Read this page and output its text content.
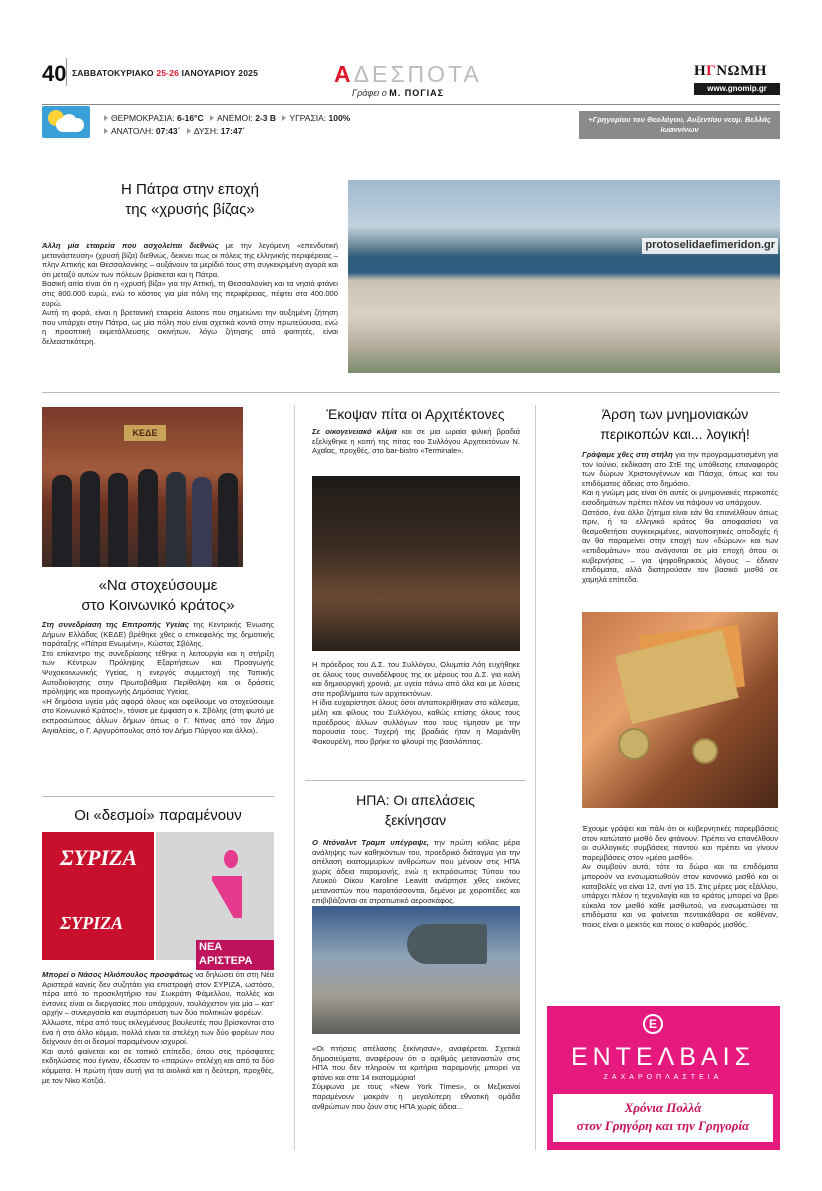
40 ΣΑΒΒΑΤΟΚΥΡΙΑΚΟ 25-26 ΙΑΝΟΥΑΡΙΟΥ 2025	ΑΔΕΣΠΟΤΑ
Γράφει ο Μ. ΠΟΓΙΑΣ
ΗΓΝΩΜΗ
www.gnomip.gr
ΘΕΡΜΟΚΡΑΣΙΑ: 6-16°C ΑΝΕΜΟΙ: 2-3 B ΥΓΡΑΣΙΑ: 100%
ΑΝΑΤΟΛΗ: 07:43΄ ΔΥΣΗ: 17:47΄
+Γρηγορίου του Θεολόγου, Αυξεντίου νεομ. Βελλάς Ιωαννίνων
Η Πάτρα στην εποχή
της «χρυσής βίζας»

Άλλη μία εταιρεία που ασχολείται διεθνώς με την λεγόμενη «επενδυτική μετανάστευση» (χρυσή βίζα) διεθνώς, δεικνει πως οι πόλεις της ελληνικής περιφέρειας – πλην Αττικής και Θεσσαλονίκης – αυξάνουν τα μερίδιό τους στη συγκεκριμένη αγορά και ότι μεταξύ αυτών των πόλεων βρίσκεται και η Πάτρα.

Βασική αιτία είναι ότι η «χρυσή βίζα» για την Αττική, τη Θεσσαλονίκη και τα νησιά φτάνει στις 800.000 ευρώ, ενώ το κόστος για μία πόλη της περιφέρειας, πέφτει στα 400.000 ευρώ.

Αυτή τη φορά, είναι η βρετανική εταιρεία Astons που σημειώνει την αυξημένη ζήτηση που υπάρχει στην Πάτρα, ως μία πόλη που είναι σχετικά κοντά στην πρωτεύουσα, ενώ η προοπτική εκμετάλλευσης ακινήτων, λόγω ζήτησης από φοιτητές, είναι δελεαστικότερη.

protoselidaefimeridon.gr
ΚΕΔΕ
«Να στοχεύσουμε
στο Κοινωνικό κράτος»

Στη συνεδρίαση της Επιτροπής Υγείας της Κεντρικής Ένωσης Δήμων Ελλάδας (ΚΕΔΕ) βρέθηκε χθες ο επικεφαλής της δημοτικής παράταξης «Πάτρα Ενωμένη», Κώστας Σβόλης.

Στο επίκεντρο της συνεδρίασης τέθηκε η λειτουργία και η στήριξη των Κέντρων Πρόληψης Εξαρτήσεων και Προαγωγής Ψυχοκοινωνικής Υγείας, η ενεργός συμμετοχή της Τοπικής Αυτοδιοίκησης στην Πρωτοβάθμια Περίθαλψη και οι δράσεις πρόληψης και προαγωγής Δημόσιας Υγείας.

«Η δημόσια υγεία μάς αφορά όλους και οφείλουμε να στοχεύσουμε στο Κοινωνικό Κράτος!», τόνισε με έμφαση ο κ. Σβόλης (στη φωτό με εκπροσώπους άλλων δήμων όπως ο Γ. Ντίνος από τον Δήμο Αιγιαλείας, ο Γ. Αργυρόπουλος από τον Δήμο Πύργου και άλλοι).

Οι «δεσμοί» παραμένουν
ΣΥΡΙΖΑ
ΣΥΡΙΖΑ
ΝΕΑ ΑΡΙΣΤΕΡΑ

Μπορεί ο Νάσος Ηλιόπουλος προσφάτως να δηλώσει ότι στη Νέα Αριστερά κανείς δεν συζητάει για επιστροφή στον ΣΥΡΙΖΑ, ωστόσο, πέρα από το προσκλητήριο του Σωκράτη Φάμελλου, πολλές και έντονες είναι οι διεργασίες που υπάρχουν, τουλάχιστον για μία – κατ' αρχήν – συνεργασία και συμπόρευση των δύο πολιτικών φορέων.

Άλλωστε, πέρα από τους εκλεγμένους βουλευτές που βρίσκονται στο ένα ή στο άλλο κόμμα, πολλά είναι τα στελέχη των δύο φορέων που δείχνουν ότι οι δεσμοί παραμένουν ισχυροί.

Και αυτό φαίνεται και σε τοπικό επίπεδο, όπου στις πρόσφατες εκδηλώσεις που έγιναν, έδωσαν το «παρών» στελέχη και από τα δύο κόμματα. Η πρώτη ήταν αυτή για τα αιολικά και η δεύτερη, προχθές, με τον Νίκο Κοτζιά.

Έκοψαν πίτα οι Αρχιτέκτονες

Σε οικογενειακό κλίμα και σε μια ωραία φιλική βραδιά εξελίχθηκε η κοπή της πίτας του Συλλόγου Αρχιτεκτόνων Ν. Αχαΐας, προχθές, στο bar-bistro «Terminale».

Η πρόεδρος του Δ.Σ. του Συλλόγου, Ολυμπία Λόη ευχήθηκε σε όλους τους συναδέλφους της εκ μέρους του Δ.Σ. για καλή και δημιουργική χρονιά, με υγεία πάνω από όλα και με λύσεις στα προβλήματα των αρχιτεκτόνων.

Η ίδια ευχαρίστησε όλους όσοι ανταποκρίθηκαν στο κάλεσμα, μέλη και φίλους του Συλλόγου, καθώς επίσης όλους τους προέδρους άλλων συλλόγων που τους τίμησαν με την παρουσία τους. Τυχερή της βραδιάς ήταν η Μαριάνθη Φακουρέλη, που βρήκε το φλουρί της βασιλόπιτας.

ΗΠΑ: Οι απελάσεις
ξεκίνησαν

Ο Ντόναλντ Τραμπ υπέγραψε, την πρώτη κιόλας μέρα ανάληψης των καθηκόντων του, προεδρικό διάταγμα για την απέλαση εκατομμυρίων ανθρώπων που μένουν στις ΗΠΑ χωρίς άδεια παραμονής, ενώ η εκπρόσωπος Τύπου του Λευκού Οίκου Karoline Leavitt ανάρτησε χθες εικόνες μεταναστών που παρατάσσονται, δεμένοι με χειροπέδες και επιβιβάζονται σε στρατιωτικό αεροσκάφος.

«Οι πτήσεις απέλασης ξεκίνησαν», αναφέρεται. Σχετικά δημοσιεύματα, αναφέρουν ότι ο αριθμός μεταναστών στις ΗΠΑ που δεν πληρούν τα κριτήρια παραμονής μπορεί να φτάνει και στα 14 εκατομμύρια!

Σύμφωνα με τους «New York Times», οι Μεξικανοί παραμένουν μακράν η μεγαλύτερη εθνοτική ομάδα ανθρώπων που ζουν στις ΗΠΑ χωρίς άδεια...

Άρση των μνημονιακών
περικοπών και... λογική!

Γράψαμε χθες στη στήλη για την προγραμματισμένη για τον Ιούνιο, εκδίκαση στο ΣτΕ της υπόθεσης επαναφοράς των δώρων Χριστουγέννων και Πάσχα, όπως και του επιδόματος άδειας στο δημόσιο.

Και η γνώμη μας είναι ότι αυτές οι μνημονιακές περικοπές εισοδημάτων πρέπει πλέον να πάψουν να υπάρχουν.

Ωστόσο, ένα άλλο ζήτημα είναι εάν θα επανέλθουν όπως πριν, ή το ελληνικό κράτος θα αποφασίσει να θεσμοθετήσει συγκεκριμένες, ικανοποιητικές αποδοχές ή αν θα παραμείνει στην εποχή των «δώρων» και των «επιδομάτων» που ανάγονται σε μία εποχή όπου οι κυβερνήσεις – για ψηφοθηρικούς λόγους – έδιναν επιδόματα, αλλά διατηρούσαν τον βασικό μισθό σε χαμηλά επίπεδα.

Έχουμε γράψει και πάλι ότι οι κυβερνητικές παρεμβάσεις στον κατώτατο μισθό δεν φτάνουν. Πρέπει να επανέλθουν οι συλλογικές συμβάσεις παντού και πρέπει να γίνουν παρεμβάσεις στον «μέσο μισθό».

Αν συμβούν αυτά, τότε τα δώρα και τα επιδόματα μπορούν να ενσωματωθούν στον κανονικό μισθό και οι καταβολές να είναι 12, αντί για 15. Στις μέρες μας εξάλλου, υπάρχει πλέον η τεχνολογία και το κράτος μπορεί να βρει εύκολα τον μισθό κάθε μισθωτού, να ενσωματώσει τα επιδόματα και να φαίνεται πεντακάθαρα σε καθέναν, ποιος είναι ο μεικτός και ποιος ο καθαρός μισθός.

E
ΕΝΤΕΛΒΑΙΣ
ΖΑΧΑΡΟΠΛΑΣΤΕΙΑ
Χρόνια Πολλά
στον Γρηγόρη και την Γρηγορία
